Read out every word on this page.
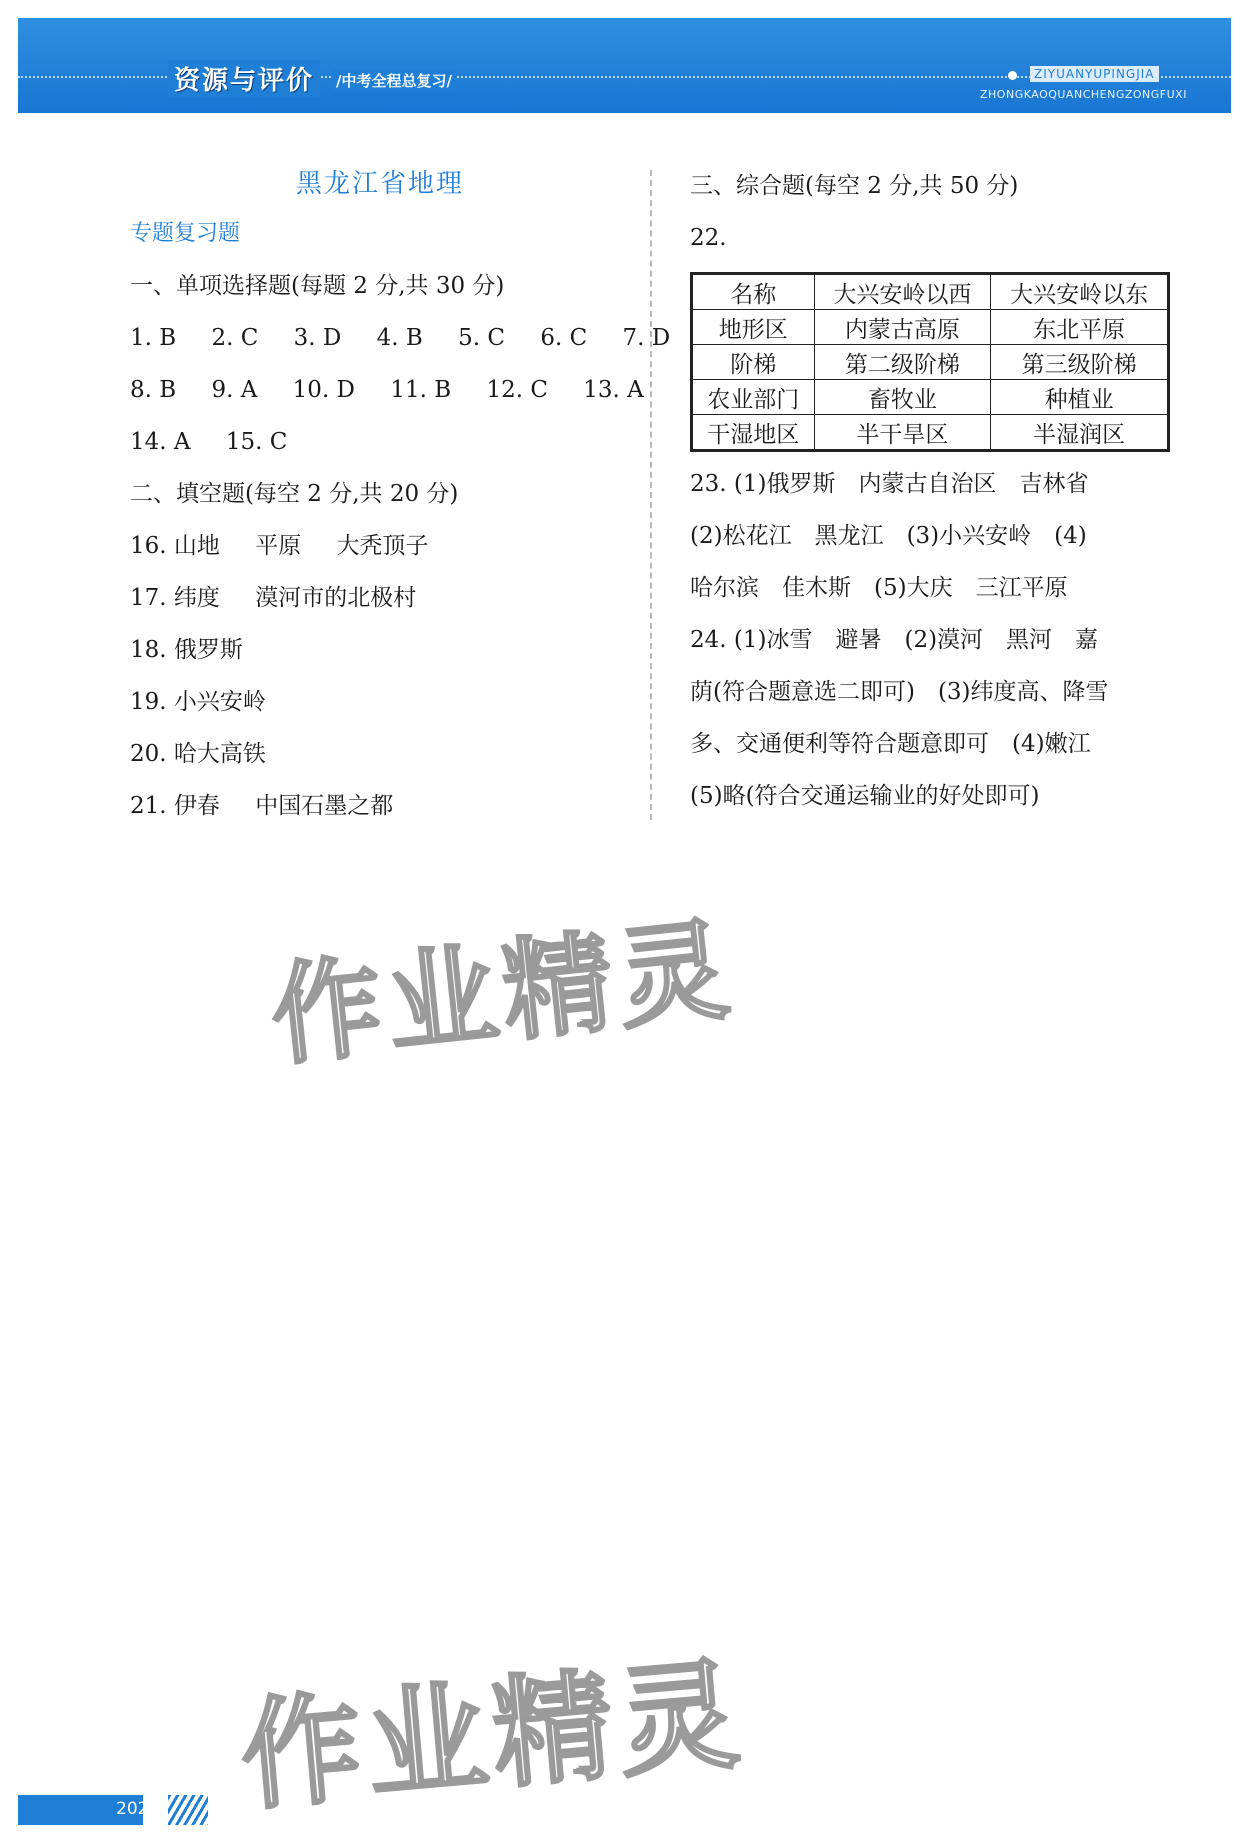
资源与评价	/中考全程总复习/	ZIYUANYUPINGJIA
ZHONGKAOQUANCHENGZONGFUXI
黑龙江省地理
专题复习题
一、单项选择题(每题 2 分,共 30 分)
1. B 2. C 3. D 4. B 5. C 6. C 7. D
8. B 9. A 10. D 11. B 12. C 13. A
14. A 15. C
二、填空题(每空 2 分,共 20 分)
16. 山地 平原 大秃顶子
17. 纬度 漠河市的北极村
18. 俄罗斯
19. 小兴安岭
20. 哈大高铁
21. 伊春 中国石墨之都
三、综合题(每空 2 分,共 50 分)
22.
名称	大兴安岭以西	大兴安岭以东
地形区	内蒙古高原	东北平原
阶梯	第二级阶梯	第三级阶梯
农业部门	畜牧业	种植业
干湿地区	半干旱区	半湿润区
23. (1)俄罗斯　内蒙古自治区　吉林省
(2)松花江　黑龙江　(3)小兴安岭　(4)
哈尔滨　佳木斯　(5)大庆　三江平原
24. (1)冰雪　避暑　(2)漠河　黑河　嘉
荫(符合题意选二即可)　(3)纬度高、降雪
多、交通便利等符合题意即可　(4)嫩江
(5)略(符合交通运输业的好处即可)
作业精灵
作业精灵
202
